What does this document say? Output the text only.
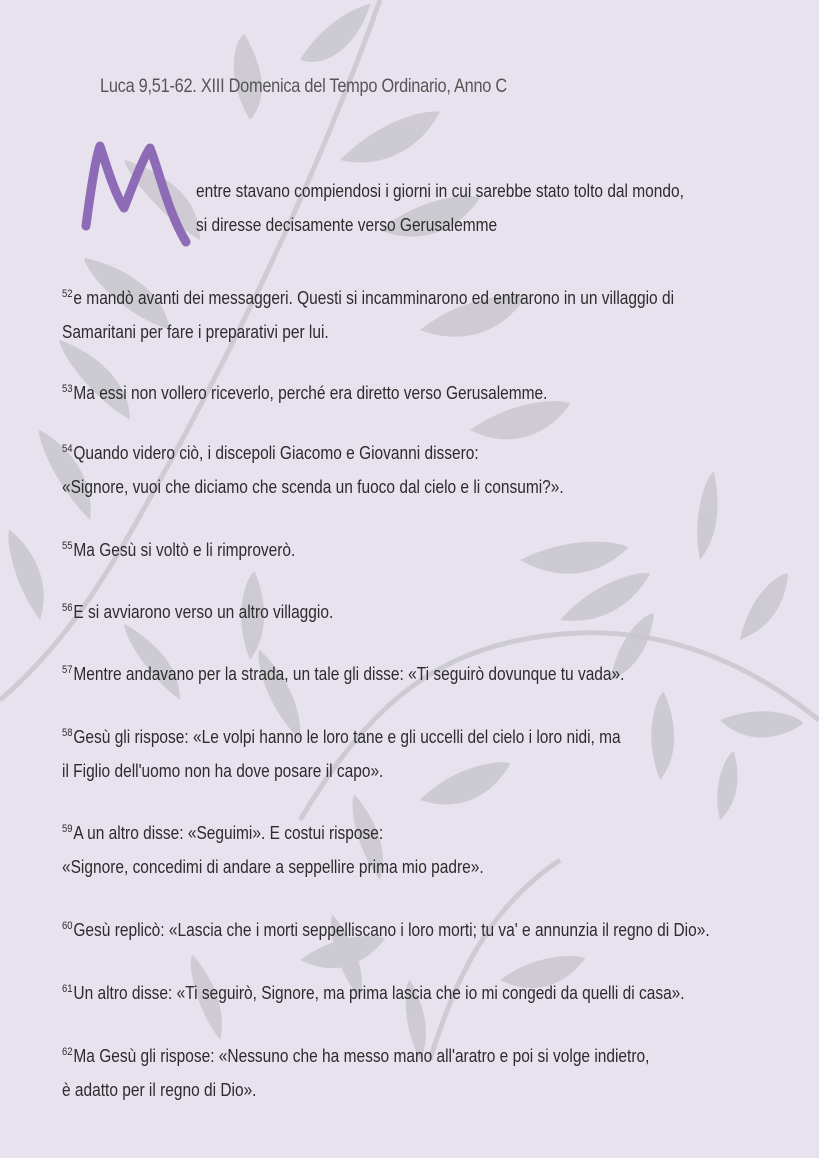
Luca 9,51-62. XIII Domenica del Tempo Ordinario, Anno C
entre stavano compiendosi i giorni in cui sarebbe stato tolto dal mondo,
si diresse decisamente verso Gerusalemme
$^{52}$e mandò avanti dei messaggeri. Questi si incamminarono ed entrarono in un villaggio di
Samaritani per fare i preparativi per lui.
$^{53}$Ma essi non vollero riceverlo, perché era diretto verso Gerusalemme.
$^{54}$Quando videro ciò, i discepoli Giacomo e Giovanni dissero:
«Signore, vuoi che diciamo che scenda un fuoco dal cielo e li consumi?».
$^{55}$Ma Gesù si voltò e li rimproverò.
$^{56}$E si avviarono verso un altro villaggio.
$^{57}$Mentre andavano per la strada, un tale gli disse: «Ti seguirò dovunque tu vada».
$^{58}$Gesù gli rispose: «Le volpi hanno le loro tane e gli uccelli del cielo i loro nidi, ma
il Figlio dell'uomo non ha dove posare il capo».
$^{59}$A un altro disse: «Seguimi». E costui rispose:
«Signore, concedimi di andare a seppellire prima mio padre».
$^{60}$Gesù replicò: «Lascia che i morti seppelliscano i loro morti; tu va' e annunzia il regno di Dio».
$^{61}$Un altro disse: «Ti seguirò, Signore, ma prima lascia che io mi congedi da quelli di casa».
$^{62}$Ma Gesù gli rispose: «Nessuno che ha messo mano all'aratro e poi si volge indietro,
è adatto per il regno di Dio».
